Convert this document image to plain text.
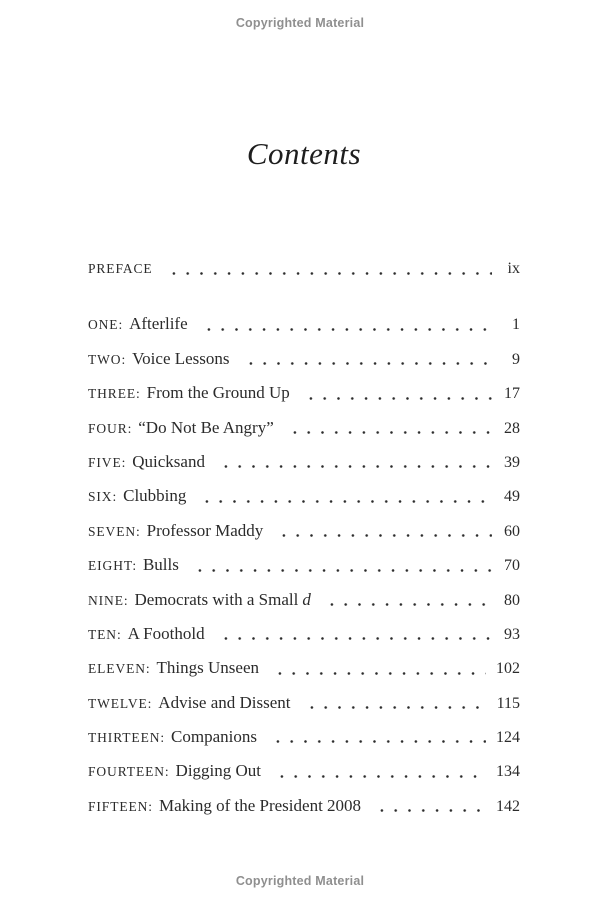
Copyrighted Material
Contents
PREFACE	ix
ONE: Afterlife	1
TWO: Voice Lessons	9
THREE: From the Ground Up	17
FOUR: “Do Not Be Angry”	28
FIVE: Quicksand	39
SIX: Clubbing	49
SEVEN: Professor Maddy	60
EIGHT: Bulls	70
NINE: Democrats with a Small d	80
TEN: A Foothold	93
ELEVEN: Things Unseen	102
TWELVE: Advise and Dissent	115
THIRTEEN: Companions	124
FOURTEEN: Digging Out	134
FIFTEEN: Making of the President 2008	142
Copyrighted Material
